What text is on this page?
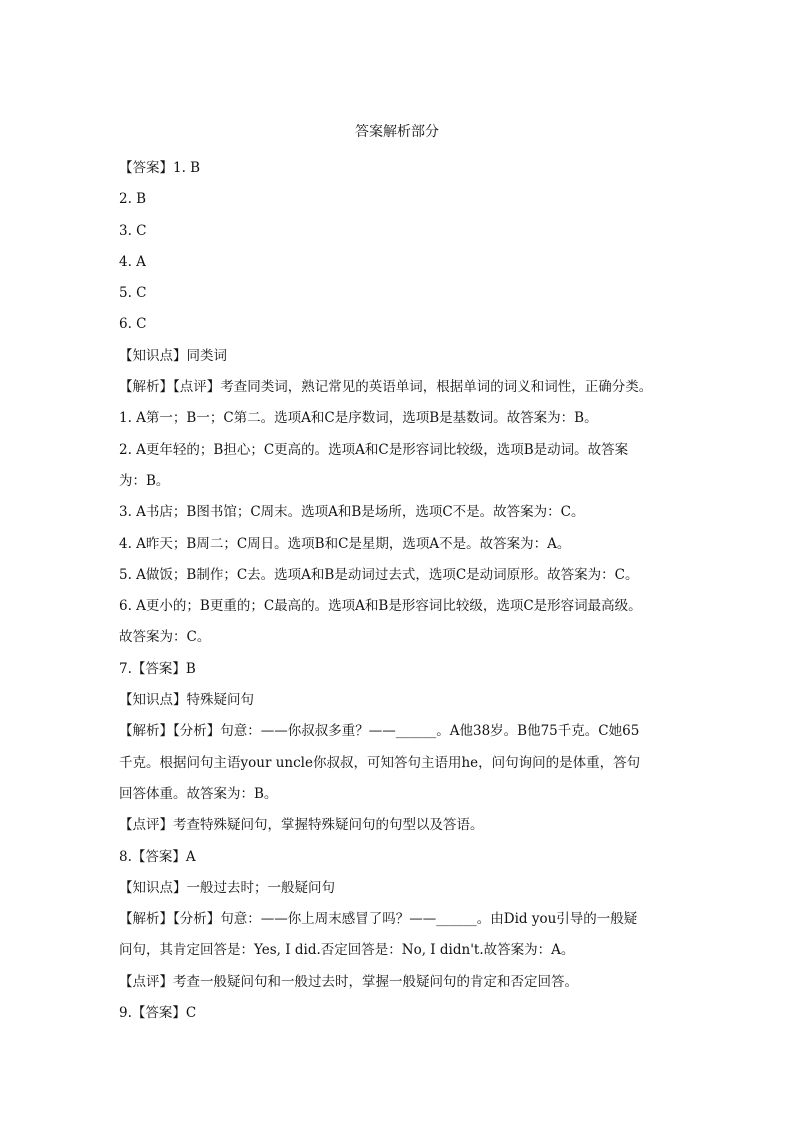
答案解析部分
【答案】1. B
2. B
3. C
4. A
5. C
6. C
【知识点】同类词
【解析】【点评】考查同类词，熟记常见的英语单词，根据单词的词义和词性，正确分类。
1. A第一；B一；C第二。选项A和C是序数词，选项B是基数词。故答案为：B。
2. A更年轻的；B担心；C更高的。选项A和C是形容词比较级，选项B是动词。故答案
为：B。
3. A书店；B图书馆；C周末。选项A和B是场所，选项C不是。故答案为：C。
4. A昨天；B周二；C周日。选项B和C是星期，选项A不是。故答案为：A。
5. A做饭；B制作；C去。选项A和B是动词过去式，选项C是动词原形。故答案为：C。
6. A更小的；B更重的；C最高的。选项A和B是形容词比较级，选项C是形容词最高级。
故答案为：C。
7.【答案】B
【知识点】特殊疑问句
【解析】【分析】句意：——你叔叔多重？——______。A他38岁。B他75千克。C她65
千克。根据问句主语your uncle你叔叔，可知答句主语用he，问句询问的是体重，答句
回答体重。故答案为：B。
【点评】考查特殊疑问句，掌握特殊疑问句的句型以及答语。
8.【答案】A
【知识点】一般过去时；一般疑问句
【解析】【分析】句意：——你上周末感冒了吗？——______。由Did you引导的一般疑
问句，其肯定回答是：Yes, I did.否定回答是：No, I didn't.故答案为：A。
【点评】考查一般疑问句和一般过去时，掌握一般疑问句的肯定和否定回答。
9.【答案】C
